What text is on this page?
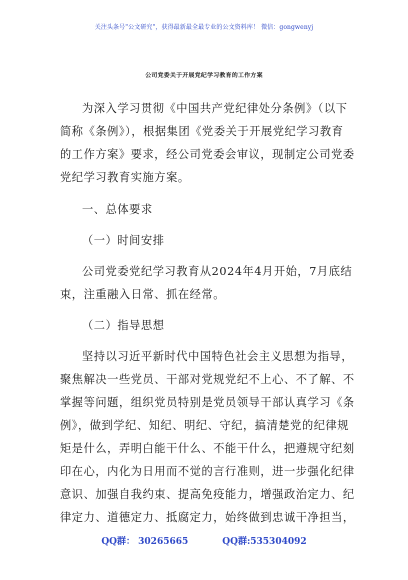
关注头条号"公文研究"，获得最新最全最专业的公文资料库！ 微信：gongwenyj
公司党委关于开展党纪学习教育的工作方案
为深入学习贯彻《中国共产党纪律处分条例》（以下
简称《条例》），根据集团《党委关于开展党纪学习教育
的工作方案》要求，经公司党委会审议，现制定公司党委
党纪学习教育实施方案。
一、总体要求
（一）时间安排
公司党委党纪学习教育从2024年4月开始，7月底结
束，注重融入日常、抓在经常。
（二）指导思想
坚持以习近平新时代中国特色社会主义思想为指导，
聚焦解决一些党员、干部对党规党纪不上心、不了解、不
掌握等问题，组织党员特别是党员领导干部认真学习《条
例》，做到学纪、知纪、明纪、守纪，搞清楚党的纪律规
矩是什么，弄明白能干什么、不能干什么，把遵规守纪刻
印在心，内化为日用而不觉的言行准则，进一步强化纪律
意识、加强自我约束、提高免疫能力，增强政治定力、纪
律定力、道德定力、抵腐定力，始终做到忠诚干净担当，
QQ群： 30265665	QQ群:535304092
